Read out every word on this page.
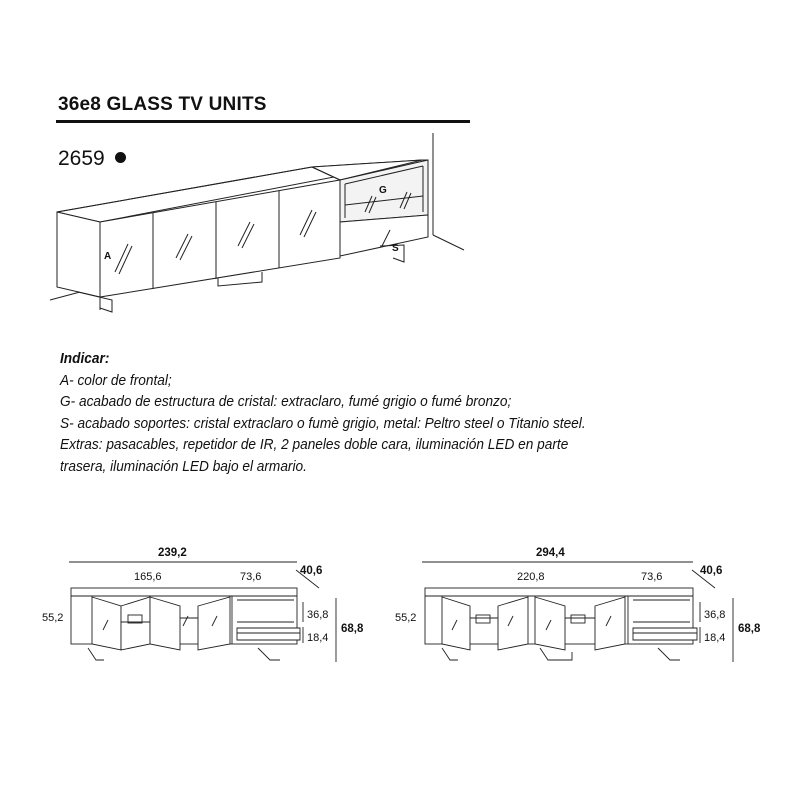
36e8 GLASS TV UNITS
2659
A
G
S
Indicar:
A- color de frontal;
G- acabado de estructura de cristal: extraclaro, fumé grigio o fumé bronzo;
S- acabado soportes: cristal extraclaro o fumè grigio, metal: Peltro steel o Titanio steel.
Extras: pasacables, repetidor de IR, 2 paneles doble cara, iluminación LED en parte
trasera, iluminación LED bajo el armario.
239,2
165,6	73,6	40,6
55,2	36,8
18,4
68,8
294,4
220,8	73,6	40,6
55,2	36,8
18,4
68,8
